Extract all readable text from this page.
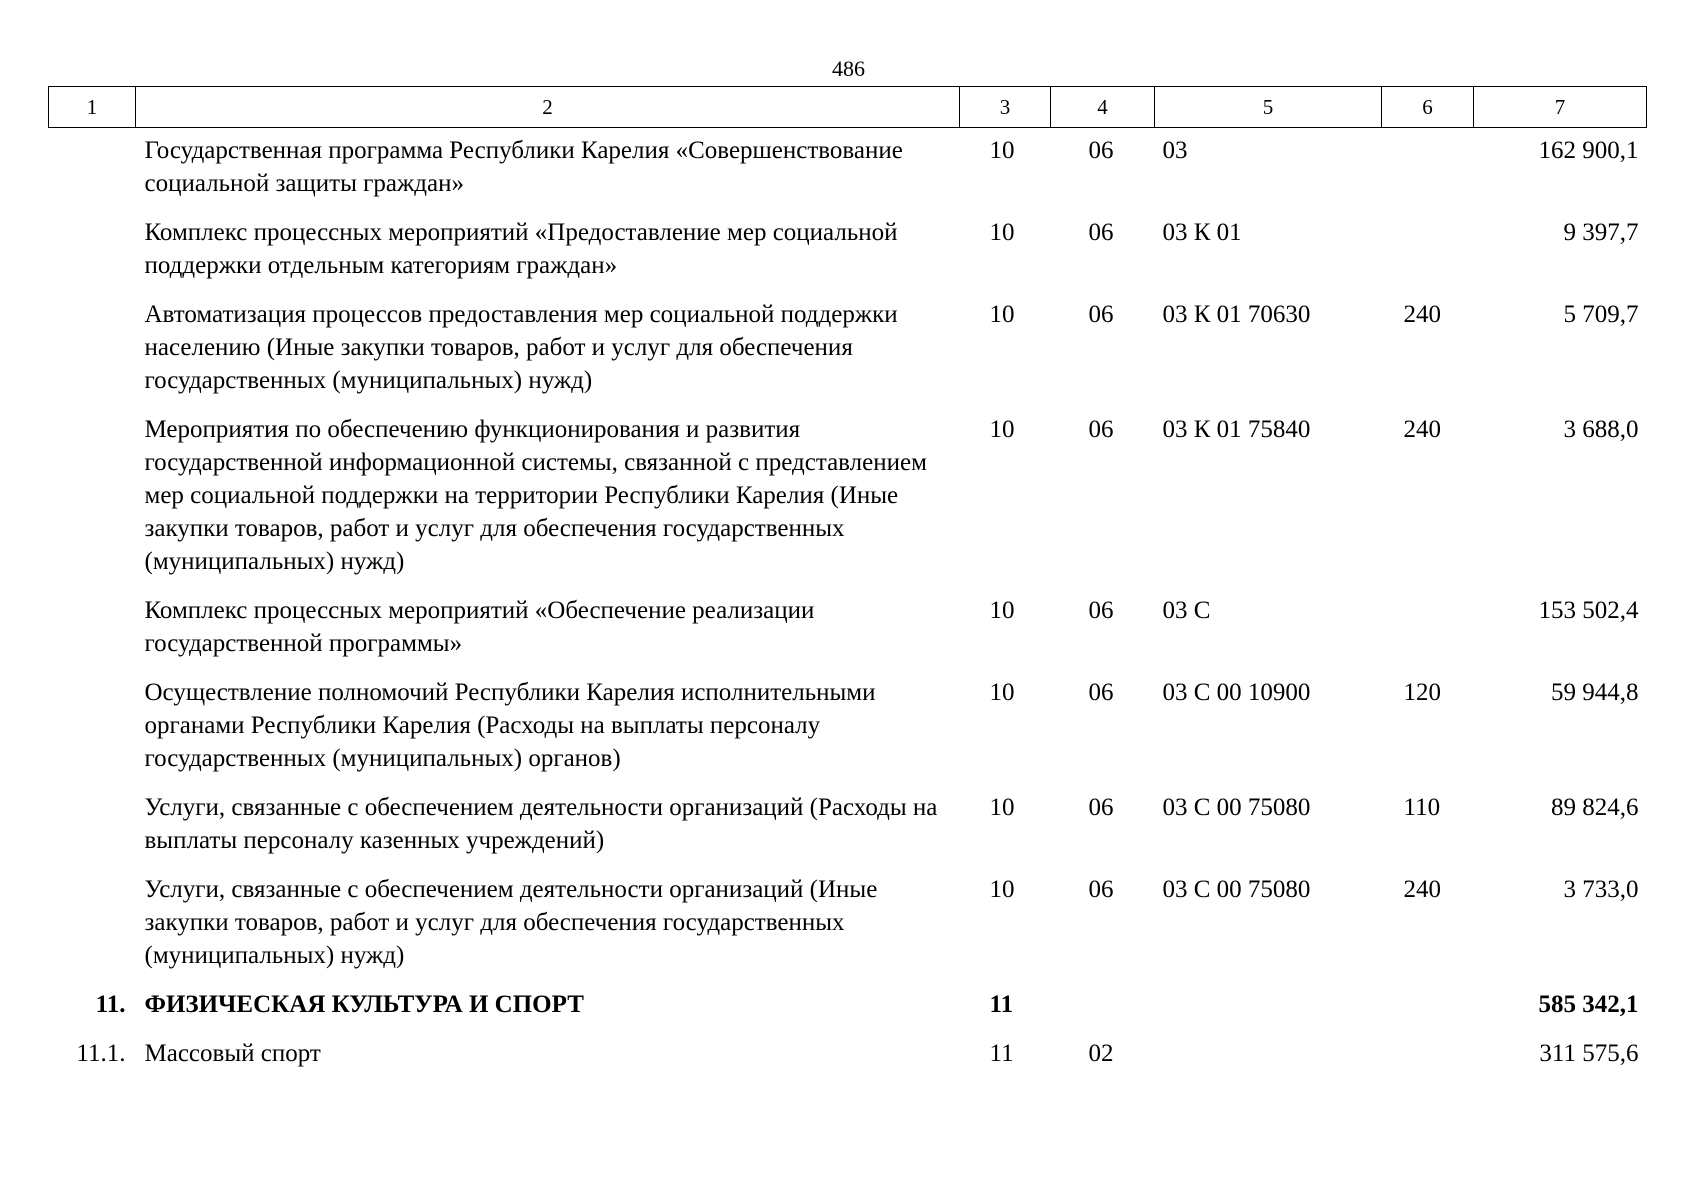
486
1	2	3	4	5	6	7
	Государственная программа Республики Карелия «Совершенствование социальной защиты граждан»	10	06	03		162 900,1
	Комплекс процессных мероприятий «Предоставление мер социальной поддержки отдельным категориям граждан»	10	06	03 К 01		9 397,7
	Автоматизация процессов предоставления мер социальной поддержки населению (Иные закупки товаров, работ и услуг для обеспечения государственных (муниципальных) нужд)	10	06	03 К 01 70630	240	5 709,7
	Мероприятия по обеспечению функционирования и развития государственной информационной системы, связанной с представлением мер социальной поддержки на территории Республики Карелия (Иные закупки товаров, работ и услуг для обеспечения государственных (муниципальных) нужд)	10	06	03 К 01 75840	240	3 688,0
	Комплекс процессных мероприятий «Обеспечение реализации государственной программы»	10	06	03 С		153 502,4
	Осуществление полномочий Республики Карелия исполнительными органами Республики Карелия (Расходы на выплаты персоналу государственных (муниципальных) органов)	10	06	03 С 00 10900	120	59 944,8
	Услуги, связанные с обеспечением деятельности организаций (Расходы на выплаты персоналу казенных учреждений)	10	06	03 С 00 75080	110	89 824,6
	Услуги, связанные с обеспечением деятельности организаций (Иные закупки товаров, работ и услуг для обеспечения государственных (муниципальных) нужд)	10	06	03 С 00 75080	240	3 733,0
11.	ФИЗИЧЕСКАЯ КУЛЬТУРА И СПОРТ	11				585 342,1
11.1.	Массовый спорт	11	02			311 575,6
